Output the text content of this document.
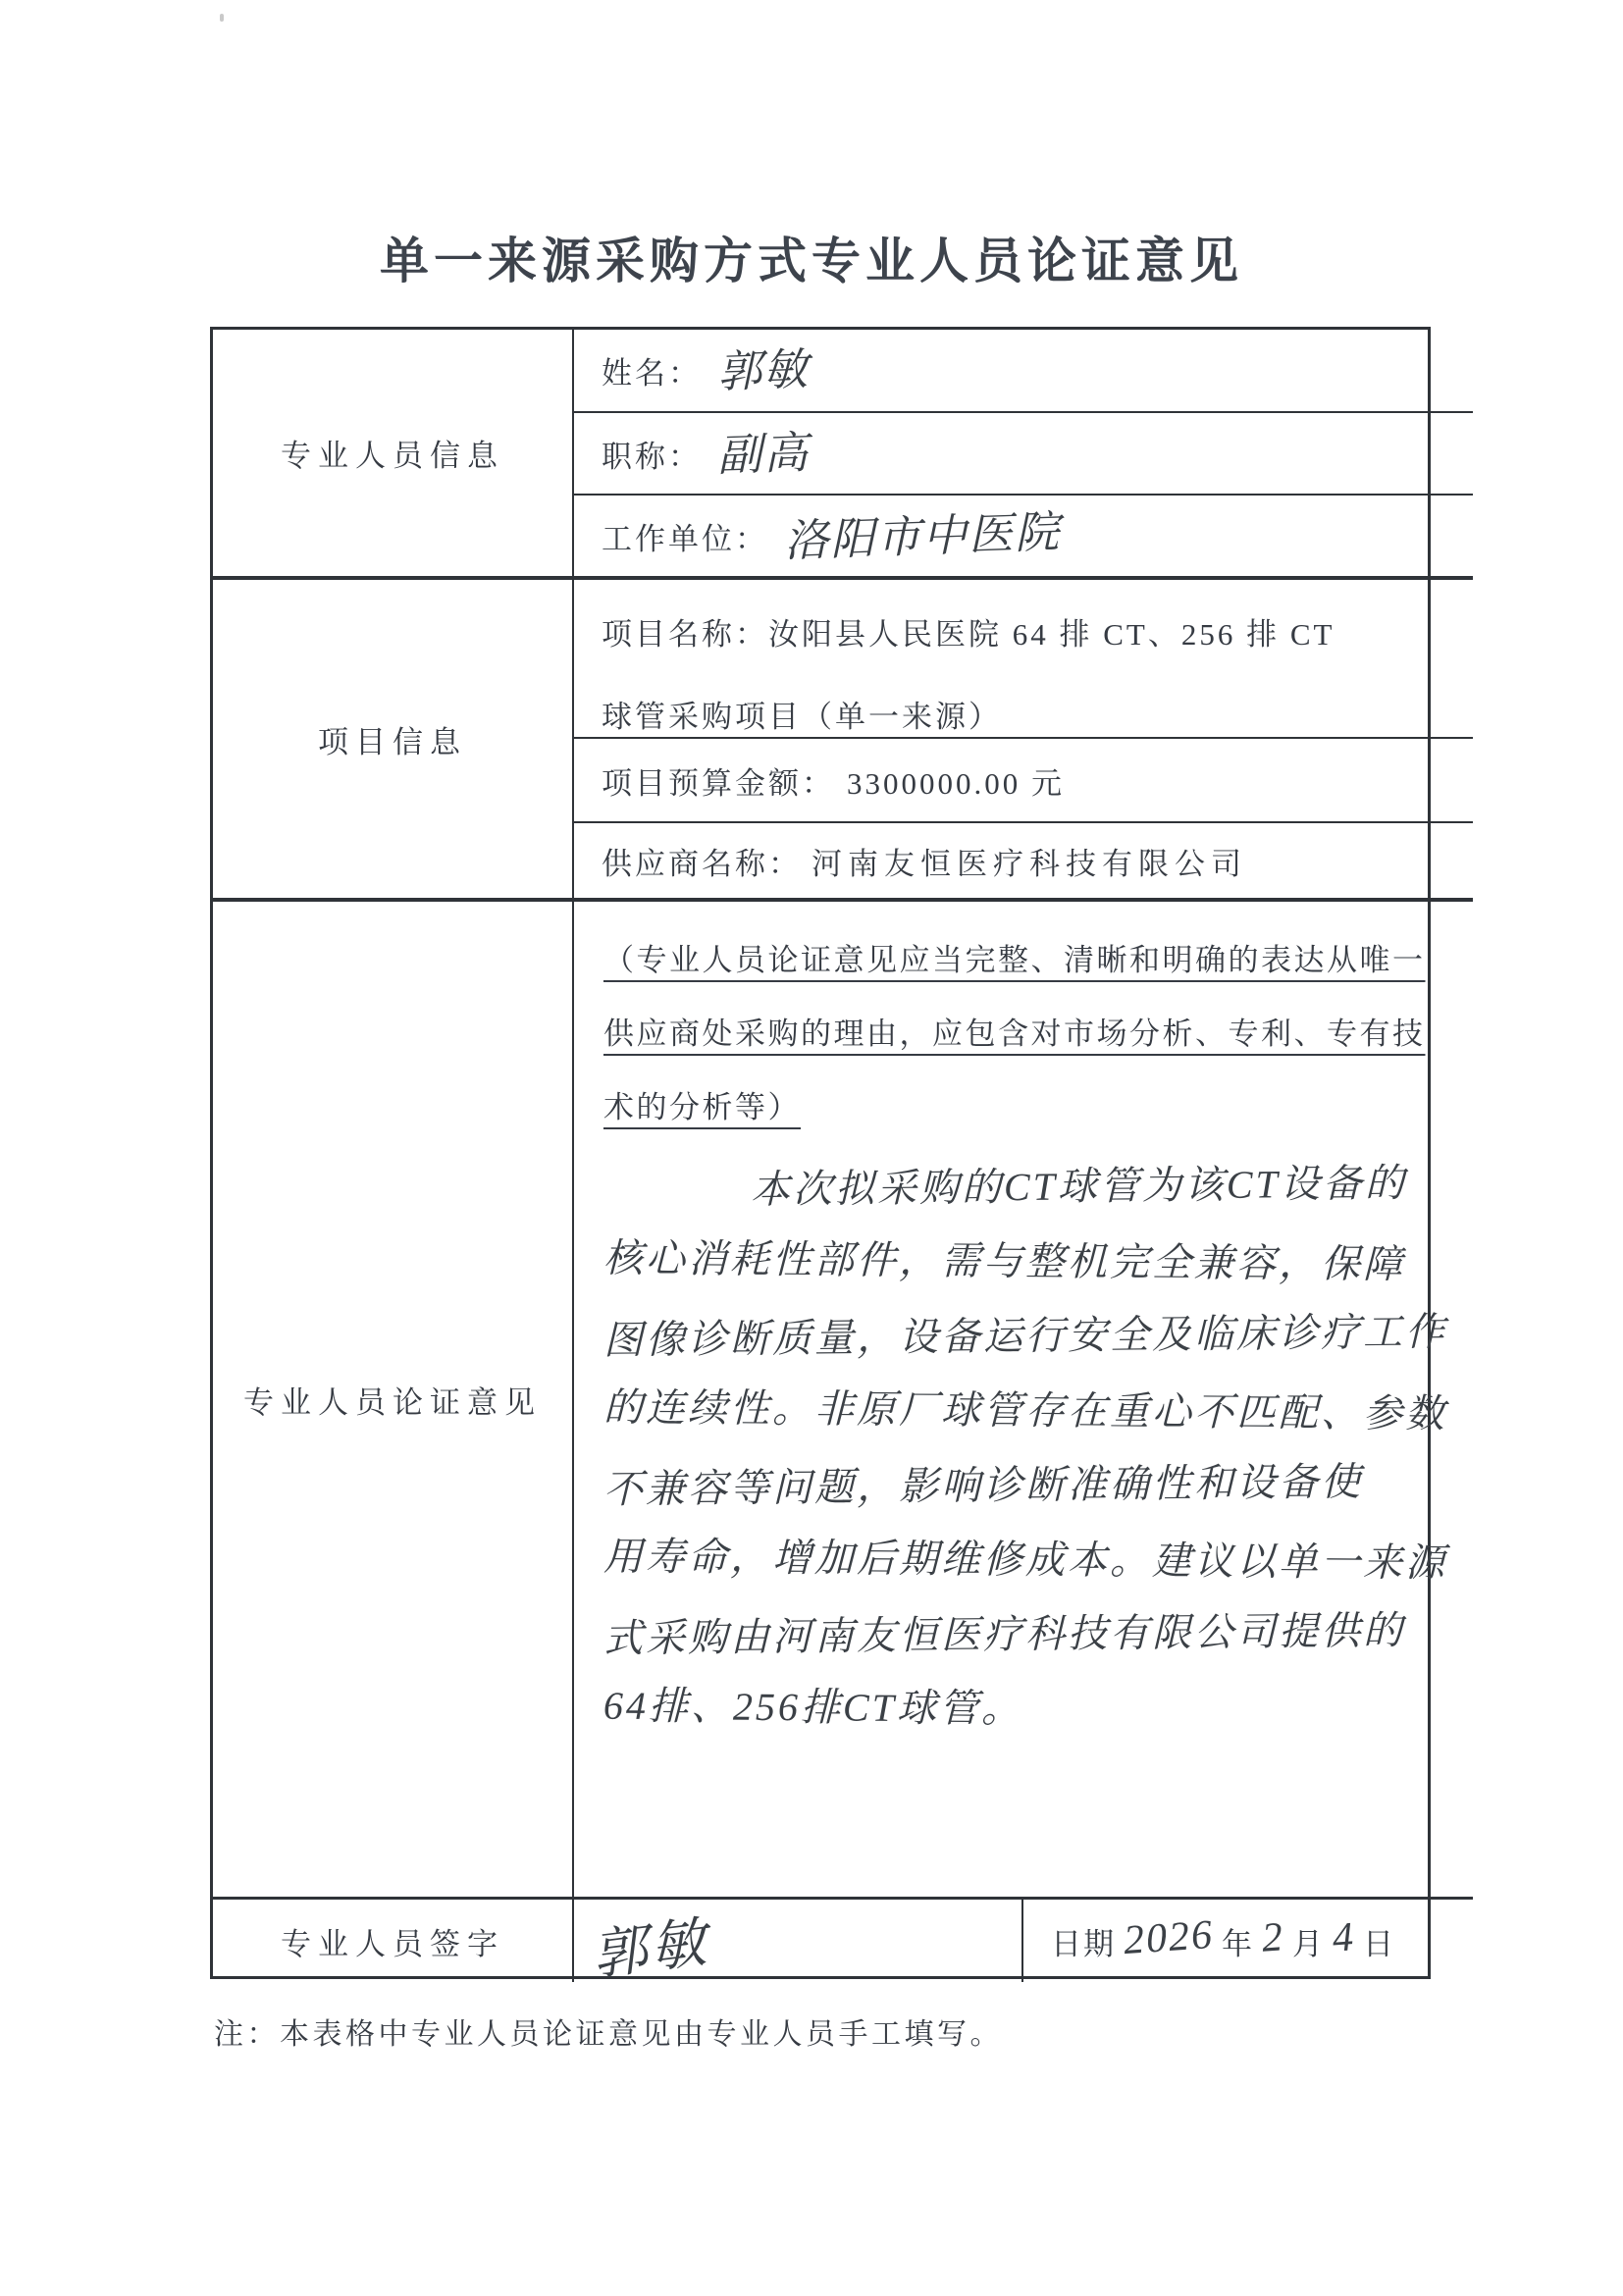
单一来源采购方式专业人员论证意见
专业人员信息
项目信息
专业人员论证意见
专业人员签字
姓名： 郭敏
职称： 副高
工作单位： 洛阳市中医院
项目名称：汝阳县人民医院 64 排 CT、256 排 CT
球管采购项目（单一来源）
项目预算金额： 3300000.00 元
供应商名称： 河南友恒医疗科技有限公司
（专业人员论证意见应当完整、清晰和明确的表达从唯一
供应商处采购的理由，应包含对市场分析、专利、专有技
术的分析等）
本次拟采购的CT球管为该CT设备的
核心消耗性部件，需与整机完全兼容，保障
图像诊断质量，设备运行安全及临床诊疗工作
的连续性。非原厂球管存在重心不匹配、参数
不兼容等问题，影响诊断准确性和设备使
用寿命，增加后期维修成本。建议以单一来源
式采购由河南友恒医疗科技有限公司提供的
64排、256排CT球管。
郭敏	日期 2026 年 2 月 4 日
注：本表格中专业人员论证意见由专业人员手工填写。
